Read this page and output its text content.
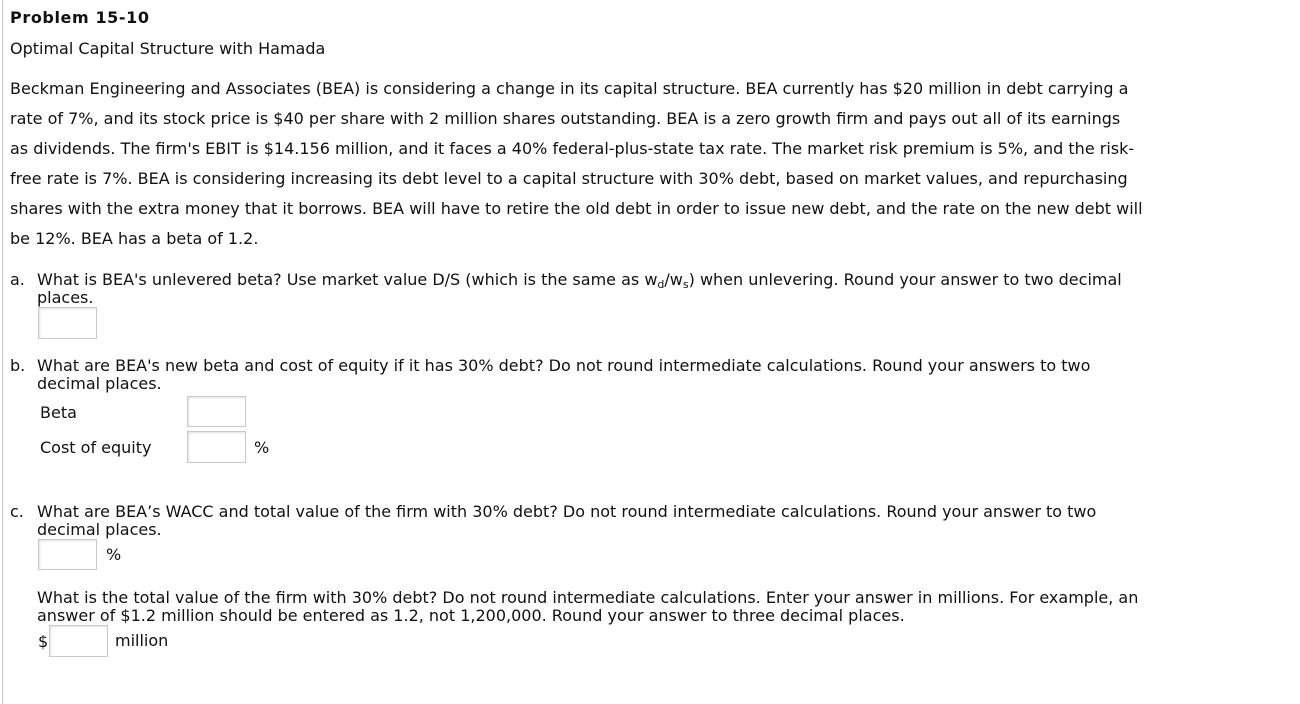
Problem 15-10
Optimal Capital Structure with Hamada
Beckman Engineering and Associates (BEA) is considering a change in its capital structure. BEA currently has $20 million in debt carrying a
rate of 7%, and its stock price is $40 per share with 2 million shares outstanding. BEA is a zero growth firm and pays out all of its earnings
as dividends. The firm's EBIT is $14.156 million, and it faces a 40% federal-plus-state tax rate. The market risk premium is 5%, and the risk-
free rate is 7%. BEA is considering increasing its debt level to a capital structure with 30% debt, based on market values, and repurchasing
shares with the extra money that it borrows. BEA will have to retire the old debt in order to issue new debt, and the rate on the new debt will
be 12%. BEA has a beta of 1.2.
a. What is BEA's unlevered beta? Use market value D/S (which is the same as $w_d/w_s$) when unlevering. Round your answer to two decimal
places.
b. What are BEA's new beta and cost of equity if it has 30% debt? Do not round intermediate calculations. Round your answers to two
decimal places.
Beta
Cost of equity	%
c. What are BEA’s WACC and total value of the firm with 30% debt? Do not round intermediate calculations. Round your answer to two
decimal places.
%
What is the total value of the firm with 30% debt? Do not round intermediate calculations. Enter your answer in millions. For example, an
answer of $1.2 million should be entered as 1.2, not 1,200,000. Round your answer to three decimal places.
$	million
